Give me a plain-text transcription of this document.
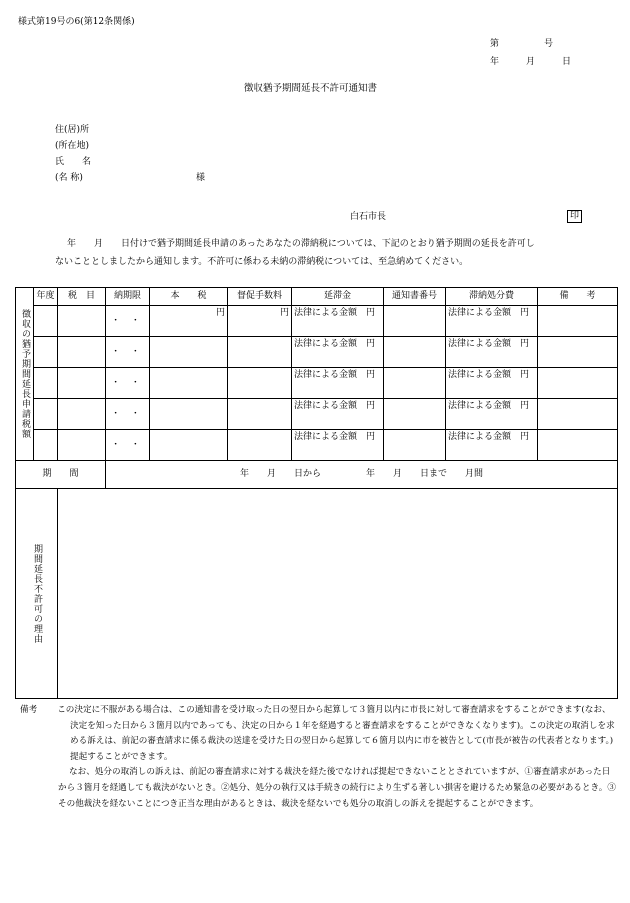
様式第19号の6(第12条関係)
第　　　　　号
年　　　月　　　日
徴収猶予期間延長不許可通知書
住(居)所
(所在地)
氏　　名
(名 称)	様
白石市長	印
年　　月　　日付けで猶予期間延長申請のあったあなたの滞納税については、下記のとおり猶予期間の延長を許可し
ないこととしましたから通知します。不許可に係わる未納の滞納税については、至急納めてください。
徴収の猶予期間延長申請税額	年度	税　目	納期限	本　　税	督促手数料	延滞金	通知書番号	滞納処分費	備　　考
			・ ・	円	円	法律による金額　円		法律による金額　円	
			・ ・			法律による金額　円		法律による金額　円	
			・ ・			法律による金額　円		法律による金額　円	
			・ ・			法律による金額　円		法律による金額　円	
			・ ・			法律による金額　円		法律による金額　円	
期　　間			年　　月　　日から　　　　　年　　月　　日まで　　月間						
期間延長不許可の理由									

備考 この決定に不服がある場合は、この通知書を受け取った日の翌日から起算して３箇月以内に市長に対して審査請求をすることができます(なお、決定を知った日から３箇月以内であっても、決定の日から１年を経過すると審査請求をすることができなくなります)。この決定の取消しを求める訴えは、前記の審査請求に係る裁決の送達を受けた日の翌日から起算して６箇月以内に市を被告として(市長が被告の代表者となります。)提起することができます。

なお、処分の取消しの訴えは、前記の審査請求に対する裁決を経た後でなければ提起できないこととされていますが、①審査請求があった日から３箇月を経過しても裁決がないとき。②処分、処分の執行又は手続きの続行により生ずる著しい損害を避けるため緊急の必要があるとき。③その他裁決を経ないことにつき正当な理由があるときは、裁決を経ないでも処分の取消しの訴えを提起することができます。
